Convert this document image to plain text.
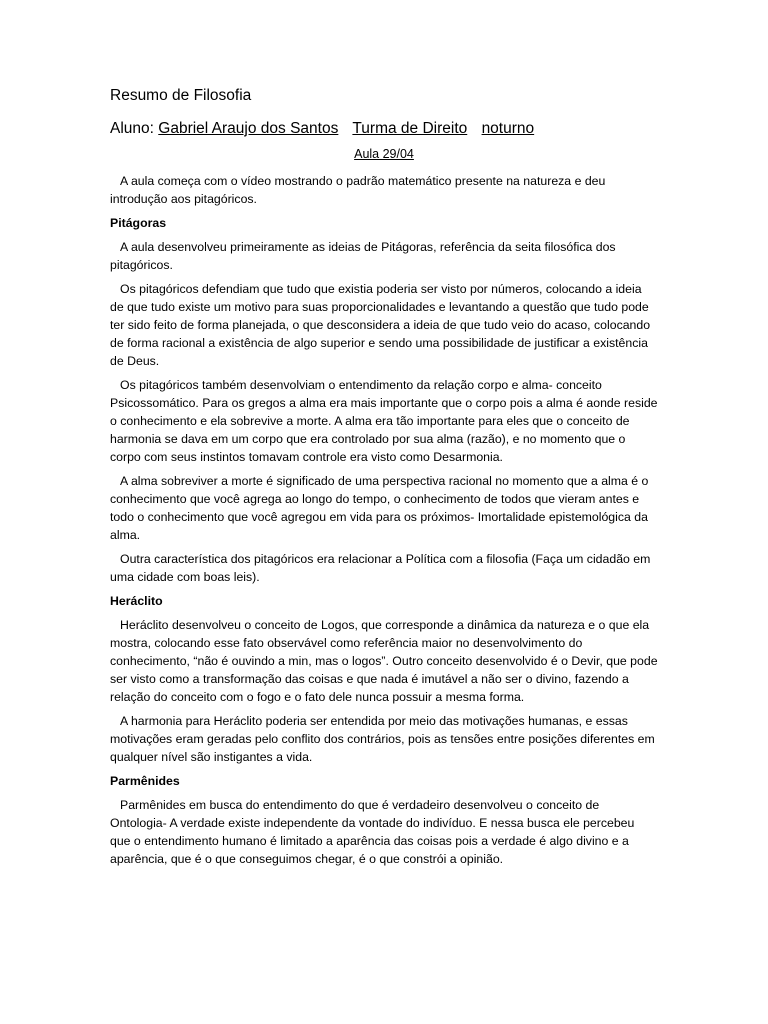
Resumo de Filosofia
Aluno: Gabriel Araujo dos Santos Turma de Direito noturno
Aula 29/04
A aula começa com o vídeo mostrando o padrão matemático presente na natureza e deu introdução aos pitagóricos.
Pitágoras
A aula desenvolveu primeiramente as ideias de Pitágoras, referência da seita filosófica dos pitagóricos.
Os pitagóricos defendiam que tudo que existia poderia ser visto por números, colocando a ideia de que tudo existe um motivo para suas proporcionalidades e levantando a questão que tudo pode ter sido feito de forma planejada, o que desconsidera a ideia de que tudo veio do acaso, colocando de forma racional a existência de algo superior e sendo uma possibilidade de justificar a existência de Deus.
Os pitagóricos também desenvolviam o entendimento da relação corpo e alma- conceito Psicossomático. Para os gregos a alma era mais importante que o corpo pois a alma é aonde reside o conhecimento e ela sobrevive a morte. A alma era tão importante para eles que o conceito de harmonia se dava em um corpo que era controlado por sua alma (razão), e no momento que o corpo com seus instintos tomavam controle era visto como Desarmonia.
A alma sobreviver a morte é significado de uma perspectiva racional no momento que a alma é o conhecimento que você agrega ao longo do tempo, o conhecimento de todos que vieram antes e todo o conhecimento que você agregou em vida para os próximos- Imortalidade epistemológica da alma.
Outra característica dos pitagóricos era relacionar a Política com a filosofia (Faça um cidadão em uma cidade com boas leis).
Heráclito
Heráclito desenvolveu o conceito de Logos, que corresponde a dinâmica da natureza e o que ela mostra, colocando esse fato observável como referência maior no desenvolvimento do conhecimento, “não é ouvindo a min, mas o logos”. Outro conceito desenvolvido é o Devir, que pode ser visto como a transformação das coisas e que nada é imutável a não ser o divino, fazendo a relação do conceito com o fogo e o fato dele nunca possuir a mesma forma.
A harmonia para Heráclito poderia ser entendida por meio das motivações humanas, e essas motivações eram geradas pelo conflito dos contrários, pois as tensões entre posições diferentes em qualquer nível são instigantes a vida.
Parmênides
Parmênides em busca do entendimento do que é verdadeiro desenvolveu o conceito de Ontologia- A verdade existe independente da vontade do indivíduo. E nessa busca ele percebeu que o entendimento humano é limitado a aparência das coisas pois a verdade é algo divino e a aparência, que é o que conseguimos chegar, é o que constrói a opinião.
